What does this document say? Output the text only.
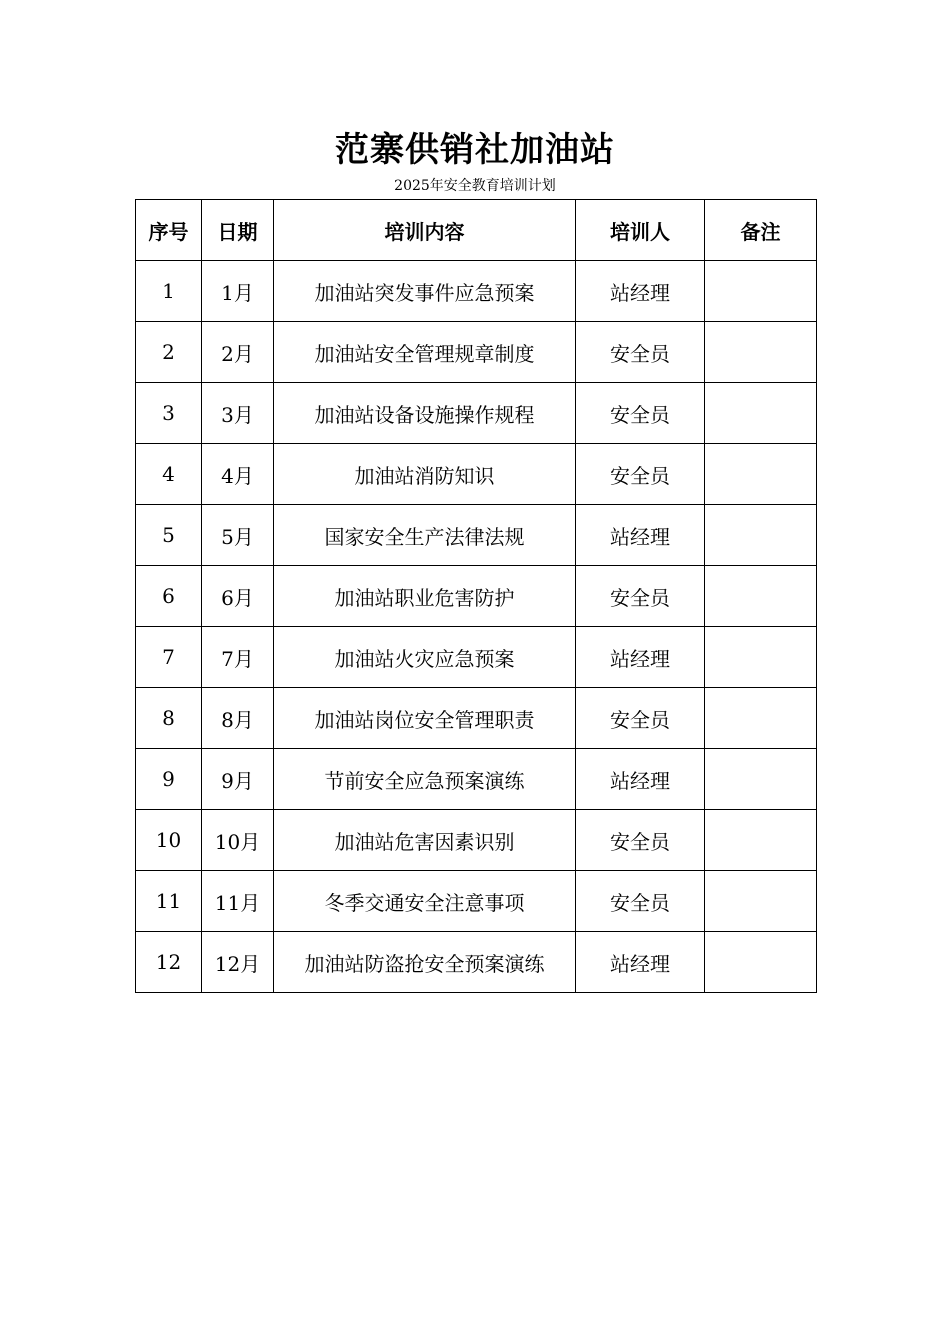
范寨供销社加油站
2025年安全教育培训计划
序号	日期	培训内容	培训人	备注
1	1月	加油站突发事件应急预案	站经理	
2	2月	加油站安全管理规章制度	安全员	
3	3月	加油站设备设施操作规程	安全员	
4	4月	加油站消防知识	安全员	
5	5月	国家安全生产法律法规	站经理	
6	6月	加油站职业危害防护	安全员	
7	7月	加油站火灾应急预案	站经理	
8	8月	加油站岗位安全管理职责	安全员	
9	9月	节前安全应急预案演练	站经理	
10	10月	加油站危害因素识别	安全员	
11	11月	冬季交通安全注意事项	安全员	
12	12月	加油站防盗抢安全预案演练	站经理	
